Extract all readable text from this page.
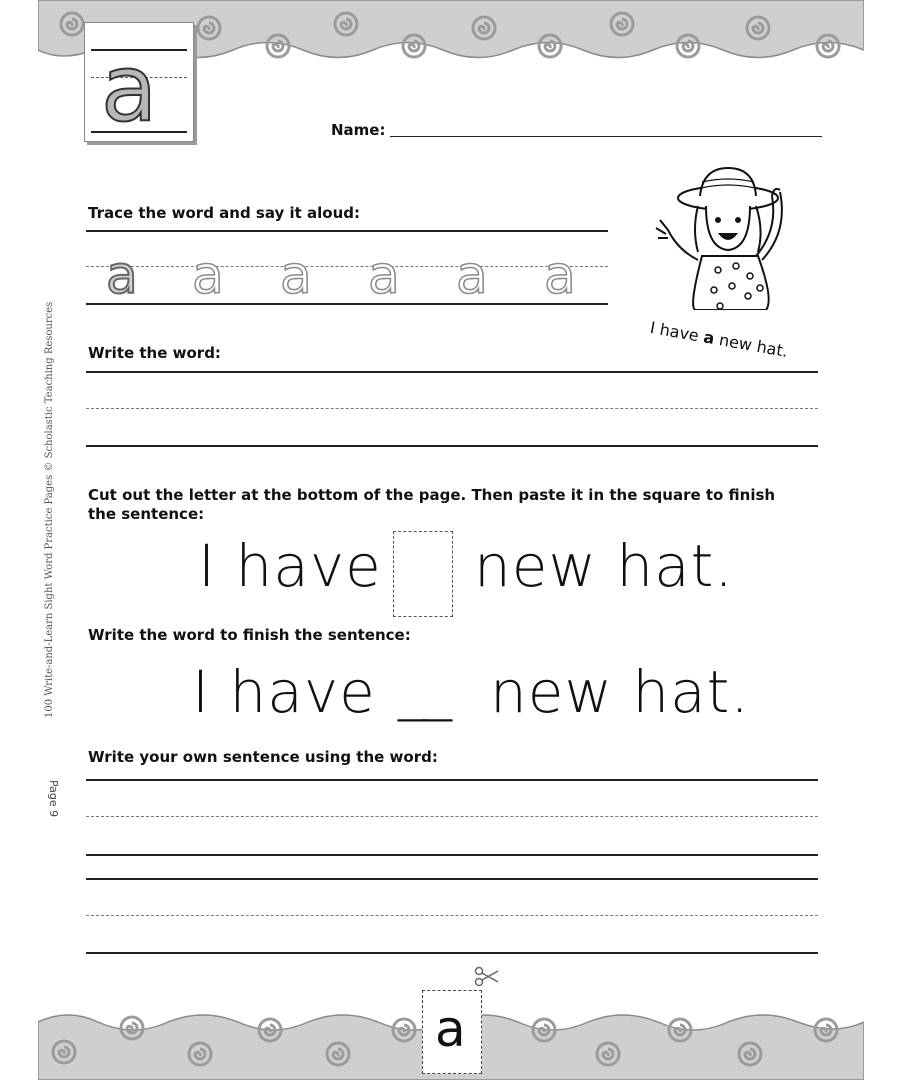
a	Name:
Trace the word and say it aloud:
a a a a a a
I have a new hat.
Write the word:
Cut out the letter at the bottom of the page. Then paste it in the square to finish
the sentence:
I have new hat.
Write the word to finish the sentence:
I have __ new hat.
Write your own sentence using the word:
100 Write-and-Learn Sight Word Practice Pages © Scholastic Teaching Resources
Page 9
a
